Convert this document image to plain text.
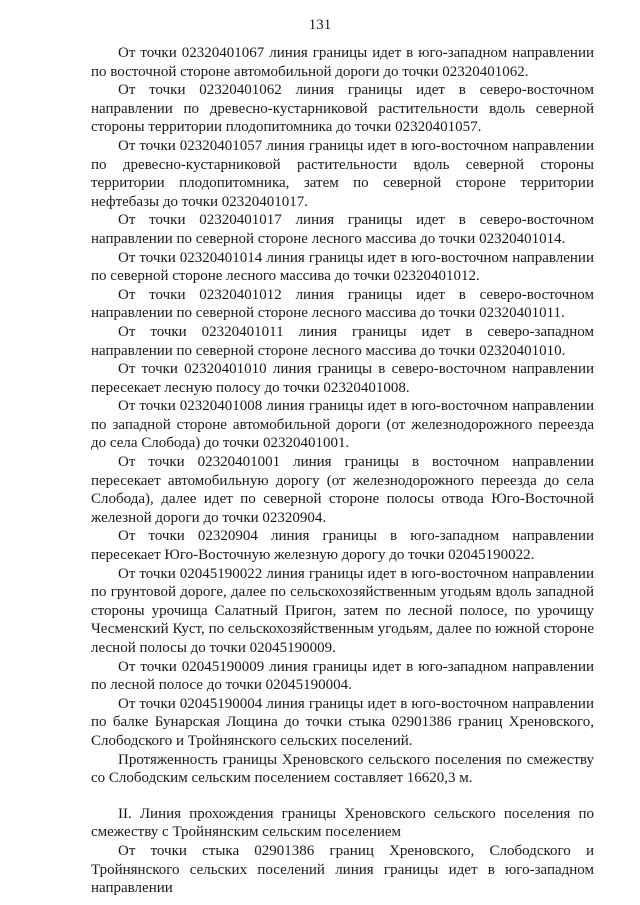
131

От точки 02320401067 линия границы идет в юго-западном направлении по восточной стороне автомобильной дороги до точки 02320401062.

От точки 02320401062 линия границы идет в северо-восточном направлении по древесно-кустарниковой растительности вдоль северной стороны территории плодопитомника до точки 02320401057.

От точки 02320401057 линия границы идет в юго-восточном направлении по древесно-кустарниковой растительности вдоль северной стороны территории плодопитомника, затем по северной стороне территории нефтебазы до точки 02320401017.

От точки 02320401017 линия границы идет в северо-восточном направлении по северной стороне лесного массива до точки 02320401014.

От точки 02320401014 линия границы идет в юго-восточном направлении по северной стороне лесного массива до точки 02320401012.

От точки 02320401012 линия границы идет в северо-восточном направлении по северной стороне лесного массива до точки 02320401011.

От точки 02320401011 линия границы идет в северо-западном направлении по северной стороне лесного массива до точки 02320401010.

От точки 02320401010 линия границы в северо-восточном направлении пересекает лесную полосу до точки 02320401008.

От точки 02320401008 линия границы идет в юго-восточном направлении по западной стороне автомобильной дороги (от железнодорожного переезда до села Слобода) до точки 02320401001.

От точки 02320401001 линия границы в восточном направлении пересекает автомобильную дорогу (от железнодорожного переезда до села Слобода), далее идет по северной стороне полосы отвода Юго-Восточной железной дороги до точки 02320904.

От точки 02320904 линия границы в юго-западном направлении пересекает Юго-Восточную железную дорогу до точки 02045190022.

От точки 02045190022 линия границы идет в юго-восточном направлении по грунтовой дороге, далее по сельскохозяйственным угодьям вдоль западной стороны урочища Салатный Пригон, затем по лесной полосе, по урочищу Чесменский Куст, по сельскохозяйственным угодьям, далее по южной стороне лесной полосы до точки 02045190009.

От точки 02045190009 линия границы идет в юго-западном направлении по лесной полосе до точки 02045190004.

От точки 02045190004 линия границы идет в юго-восточном направлении по балке Бунарская Лощина до точки стыка 02901386 границ Хреновского, Слободского и Тройнянского сельских поселений.

Протяженность границы Хреновского сельского поселения по смежеству со Слободским сельским поселением составляет 16620,3 м.

II. Линия прохождения границы Хреновского сельского поселения по смежеству с Тройнянским сельским поселением

От точки стыка 02901386 границ Хреновского, Слободского и Тройнянского сельских поселений линия границы идет в юго-западном направлении
